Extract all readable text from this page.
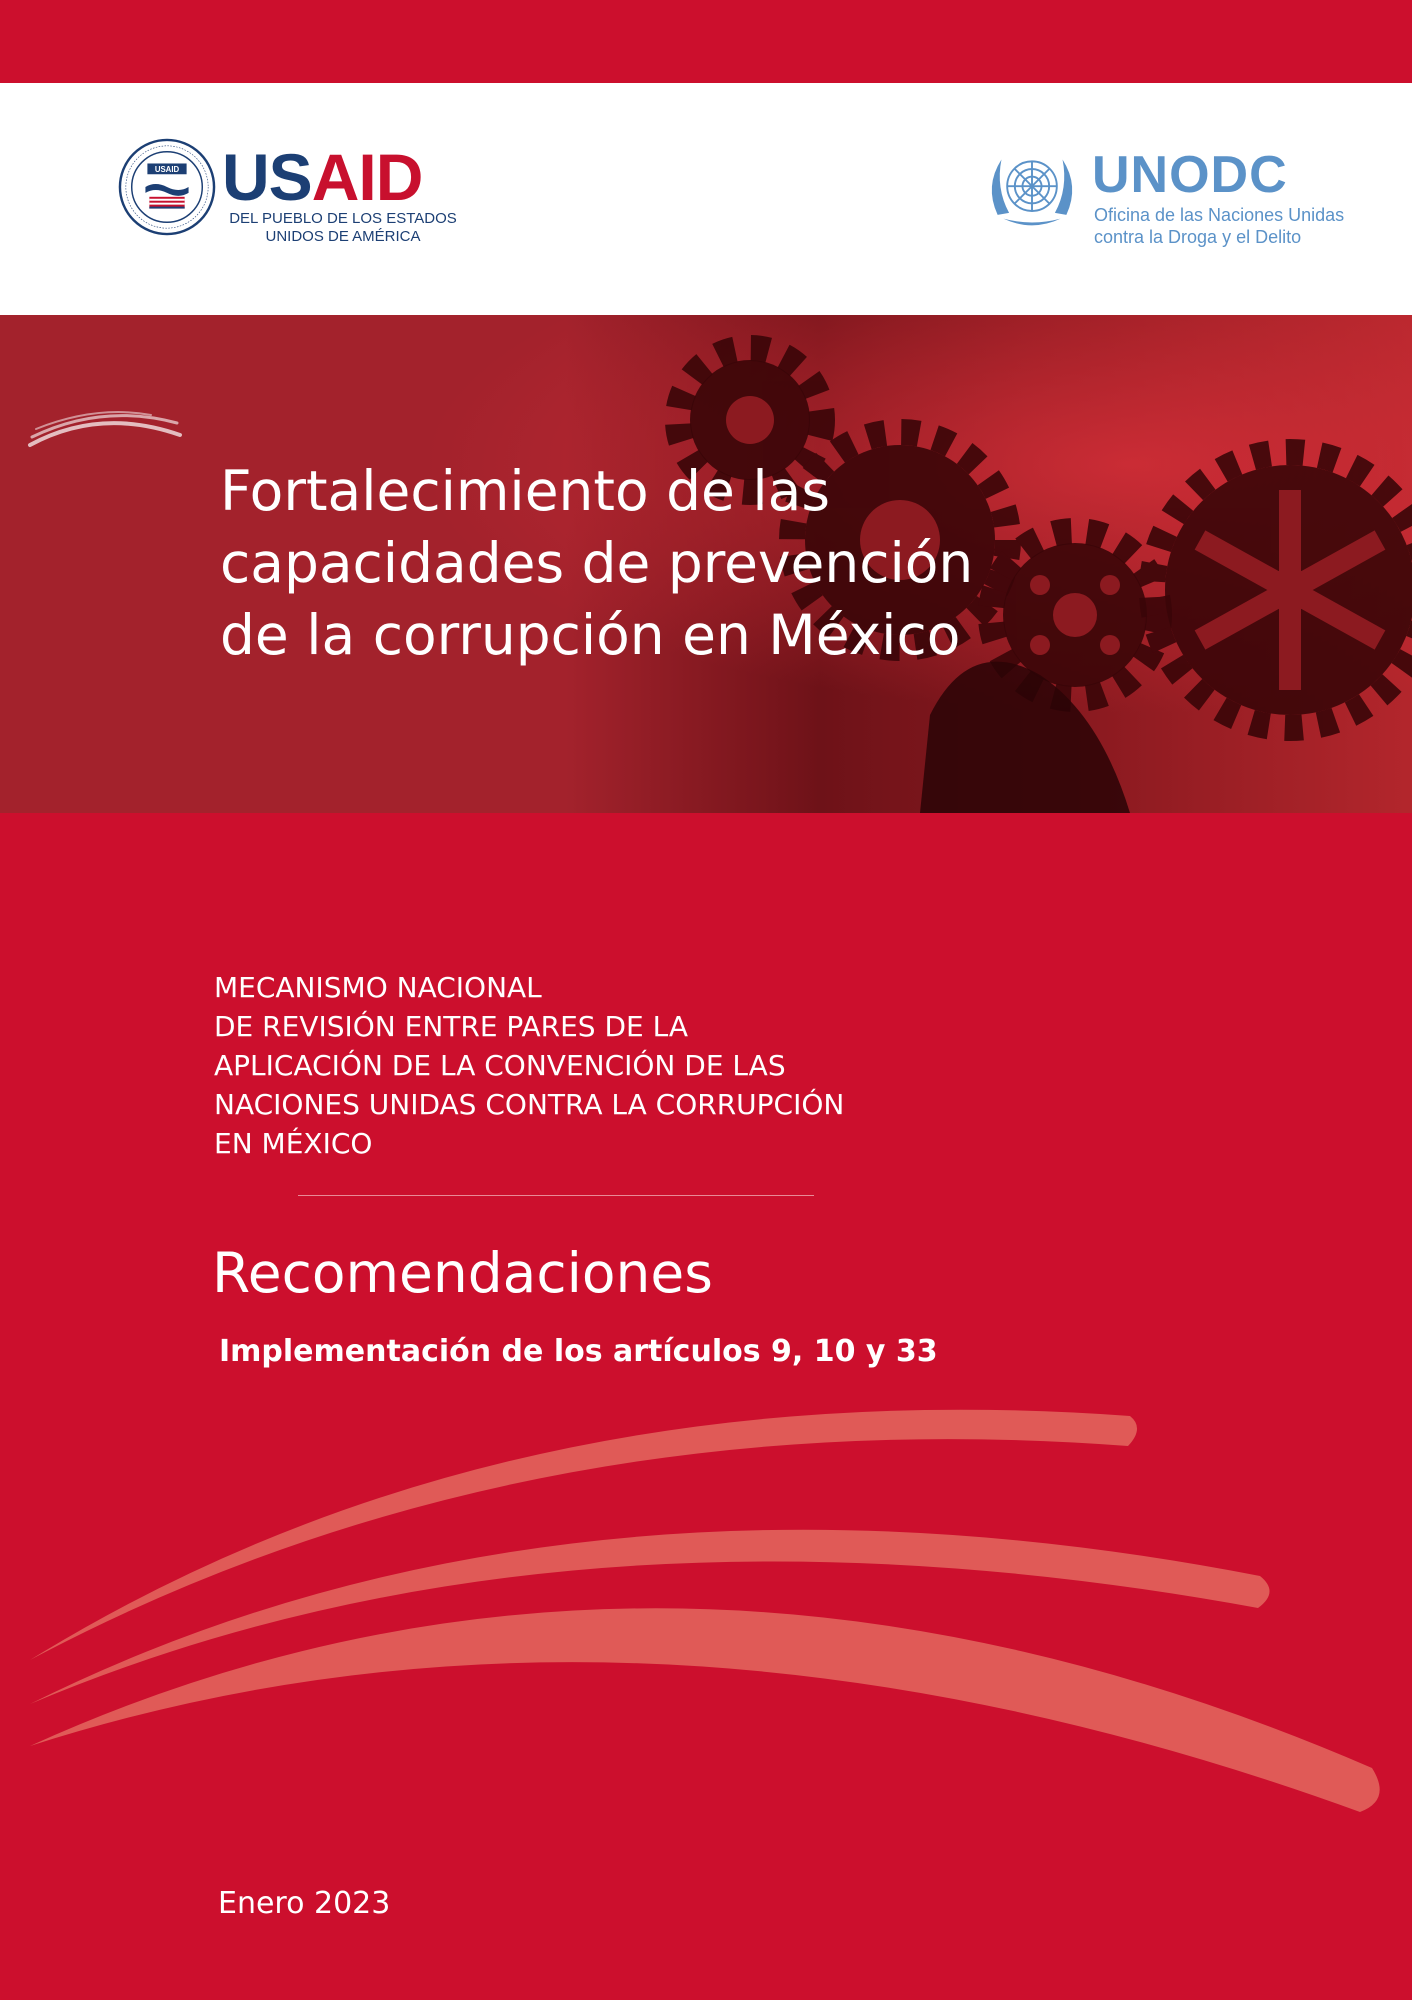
USAID USAID
DEL PUEBLO DE LOS ESTADOS UNIDOS DE AMÉRICA
UNODC
Oficina de las Naciones Unidas contra la Droga y el Delito
Fortalecimiento de las
capacidades de prevención
de la corrupción en México

MECANISMO NACIONAL
DE REVISIÓN ENTRE PARES DE LA
APLICACIÓN DE LA CONVENCIÓN DE LAS
NACIONES UNIDAS CONTRA LA CORRUPCIÓN
EN MÉXICO

Recomendaciones

Implementación de los artículos 9, 10 y 33

Enero 2023
